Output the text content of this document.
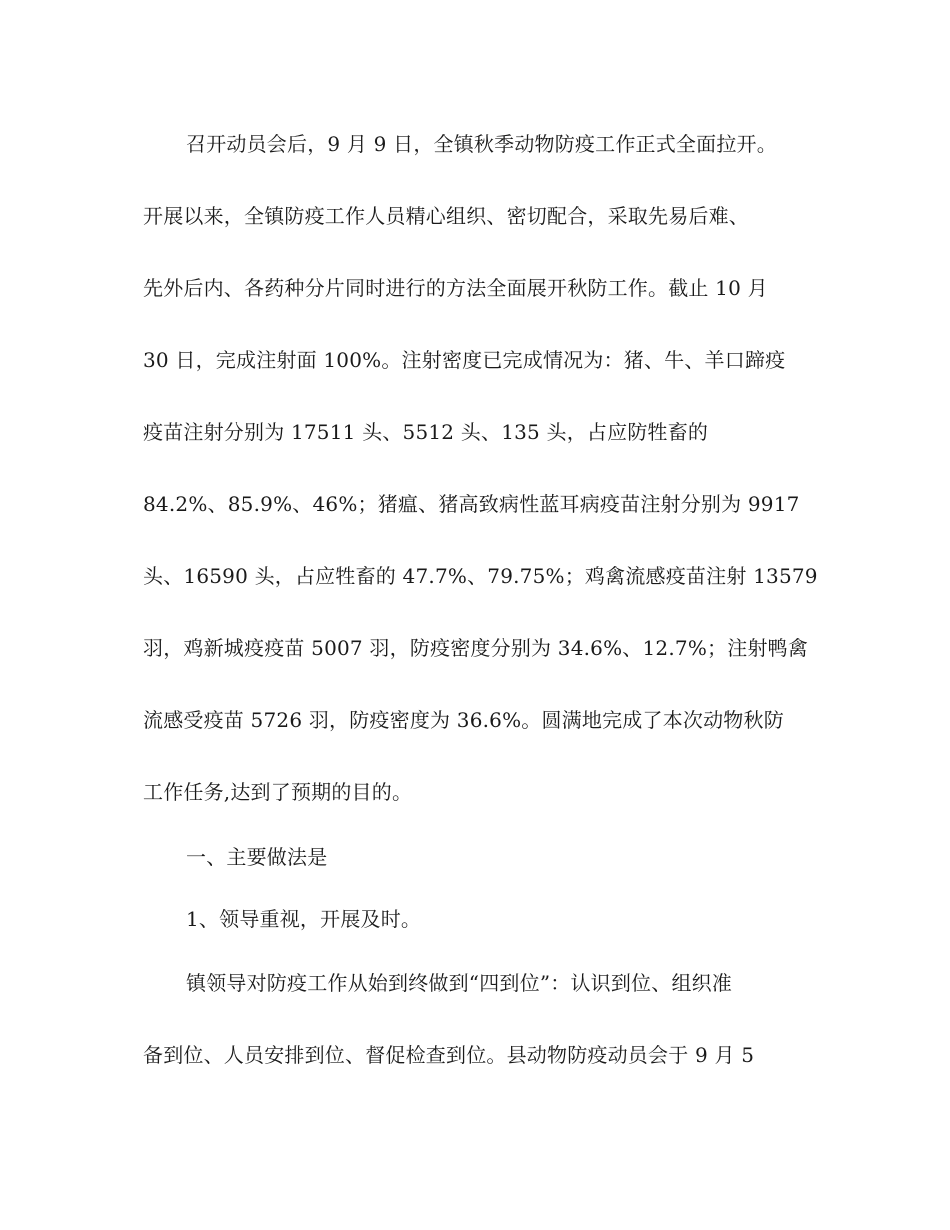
召开动员会后，9 月 9 日，全镇秋季动物防疫工作正式全面拉开。
开展以来，全镇防疫工作人员精心组织、密切配合，采取先易后难、
先外后内、各药种分片同时进行的方法全面展开秋防工作。截止 10 月
30 日，完成注射面 100%。注射密度已完成情况为：猪、牛、羊口蹄疫
疫苗注射分别为 17511 头、5512 头、135 头，占应防牲畜的
84.2%、85.9%、46%；猪瘟、猪高致病性蓝耳病疫苗注射分别为 9917
头、16590 头，占应牲畜的 47.7%、79.75%；鸡禽流感疫苗注射 13579
羽，鸡新城疫疫苗 5007 羽，防疫密度分别为 34.6%、12.7%；注射鸭禽
流感受疫苗 5726 羽，防疫密度为 36.6%。圆满地完成了本次动物秋防
工作任务,达到了预期的目的。
一、主要做法是
1、领导重视，开展及时。
镇领导对防疫工作从始到终做到“四到位”：认识到位、组织准
备到位、人员安排到位、督促检查到位。县动物防疫动员会于 9 月 5
